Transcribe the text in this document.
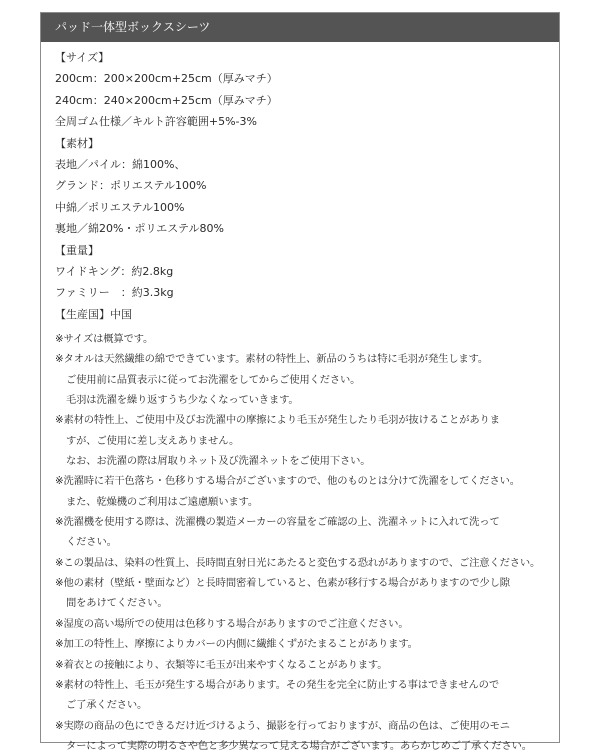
パッド一体型ボックスシーツ
【サイズ】
200cm：200×200cm+25cm（厚みマチ）
240cm：240×200cm+25cm（厚みマチ）
全周ゴム仕様／キルト許容範囲+5%-3%
【素材】
表地／パイル：綿100%、
グランド：ポリエステル100%
中綿／ポリエステル100%
裏地／綿20%・ポリエステル80%
【重量】
ワイドキング：約2.8kg
ファミリー　：約3.3kg
【生産国】中国
※サイズは概算です。
※タオルは天然繊維の綿でできています。素材の特性上、新品のうちは特に毛羽が発生します。
ご使用前に品質表示に従ってお洗濯をしてからご使用ください。
毛羽は洗濯を繰り返すうち少なくなっていきます。
※素材の特性上、ご使用中及びお洗濯中の摩擦により毛玉が発生したり毛羽が抜けることがありま
すが、ご使用に差し支えありません。
なお、お洗濯の際は屑取りネット及び洗濯ネットをご使用下さい。
※洗濯時に若干色落ち・色移りする場合がございますので、他のものとは分けて洗濯をしてください。
また、乾燥機のご利用はご遠慮願います。
※洗濯機を使用する際は、洗濯機の製造メーカーの容量をご確認の上、洗濯ネットに入れて洗って
ください。
※この製品は、染料の性質上、長時間直射日光にあたると変色する恐れがありますので、ご注意ください。
※他の素材（壁紙・壁面など）と長時間密着していると、色素が移行する場合がありますので少し隙
間をあけてください。
※湿度の高い場所での使用は色移りする場合がありますのでご注意ください。
※加工の特性上、摩擦によりカバーの内側に繊維くずがたまることがあります。
※着衣との接触により、衣類等に毛玉が出来やすくなることがあります。
※素材の特性上、毛玉が発生する場合があります。その発生を完全に防止する事はできませんので
ご了承ください。
※実際の商品の色にできるだけ近づけるよう、撮影を行っておりますが、商品の色は、ご使用のモニ
ターによって実際の明るさや色と多少異なって見える場合がございます。あらかじめご了承ください。
